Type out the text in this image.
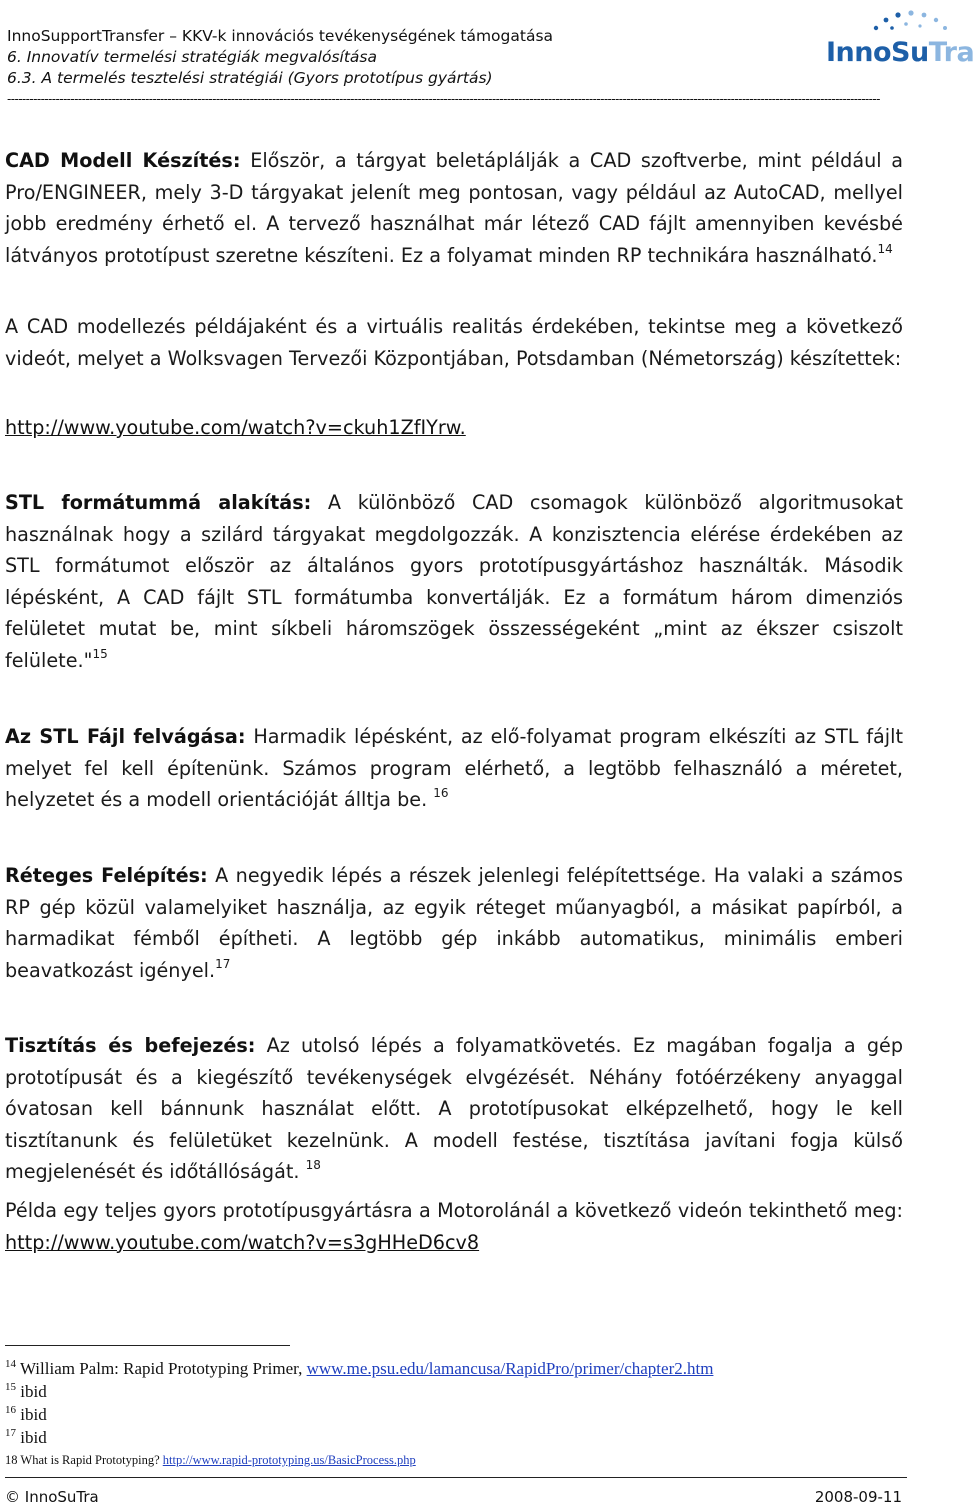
InnoSupportTransfer – KKV-k innovációs tevékenységének támogatása
6. Innovatív termelési stratégiák megvalósítása
6.3. A termelés tesztelési stratégiái (Gyors prototípus gyártás)
------------------------------------------------------------------------------------------------------------------------------------------------------------------------------------------------------------------------------------------
InnoSuTra
CAD Modell Készítés: Először, a tárgyat beletáplálják a CAD szoftverbe, mint például a Pro/ENGINEER, mely 3-D tárgyakat jelenít meg pontosan, vagy például az AutoCAD, mellyel jobb eredmény érhető el. A tervező használhat már létező CAD fájlt amennyiben kevésbé látványos prototípust szeretne készíteni. Ez a folyamat minden RP technikára használható.$^{14}$
A CAD modellezés példájaként és a virtuális realitás érdekében, tekintse meg a következő videót, melyet a Wolksvagen Tervezői Központjában, Potsdamban (Németország) készítettek:
http://www.youtube.com/watch?v=ckuh1ZfIYrw.
STL formátummá alakítás: A különböző CAD csomagok különböző algoritmusokat használnak hogy a szilárd tárgyakat megdolgozzák. A konzisztencia elérése érdekében az STL formátumot először az általános gyors prototípusgyártáshoz használták. Második lépésként, A CAD fájlt STL formátumba konvertálják. Ez a formátum három dimenziós felületet mutat be, mint síkbeli háromszögek összességeként „mint az ékszer csiszolt felülete."$^{15}$
Az STL Fájl felvágása: Harmadik lépésként, az elő-folyamat program elkészíti az STL fájlt melyet fel kell építenünk. Számos program elérhető, a legtöbb felhasználó a méretet, helyzetet és a modell orientációját álltja be. $^{16}$
Réteges Felépítés: A negyedik lépés a részek jelenlegi felépítettsége. Ha valaki a számos RP gép közül valamelyiket használja, az egyik réteget műanyagból, a másikat papírból, a harmadikat fémből építheti. A legtöbb gép inkább automatikus, minimális emberi beavatkozást igényel.$^{17}$
Tisztítás és befejezés: Az utolsó lépés a folyamatkövetés. Ez magában fogalja a gép prototípusát és a kiegészítő tevékenységek elvgézését. Néhány fotóérzékeny anyaggal óvatosan kell bánnunk használat előtt. A prototípusokat elképzelhető, hogy le kell tisztítanunk és felületüket kezelnünk. A modell festése, tisztítása javítani fogja külső megjelenését és időtállóságát. $^{18}$
Példa egy teljes gyors prototípusgyártásra a Motorolánál a következő videón tekinthető meg: http://www.youtube.com/watch?v=s3gHHeD6cv8
$^{14}$ William Palm: Rapid Prototyping Primer, www.me.psu.edu/lamancusa/RapidPro/primer/chapter2.htm
$^{15}$ ibid
$^{16}$ ibid
$^{17}$ ibid
18 What is Rapid Prototyping? http://www.rapid-prototyping.us/BasicProcess.php
© InnoSuTra	2008-09-11
